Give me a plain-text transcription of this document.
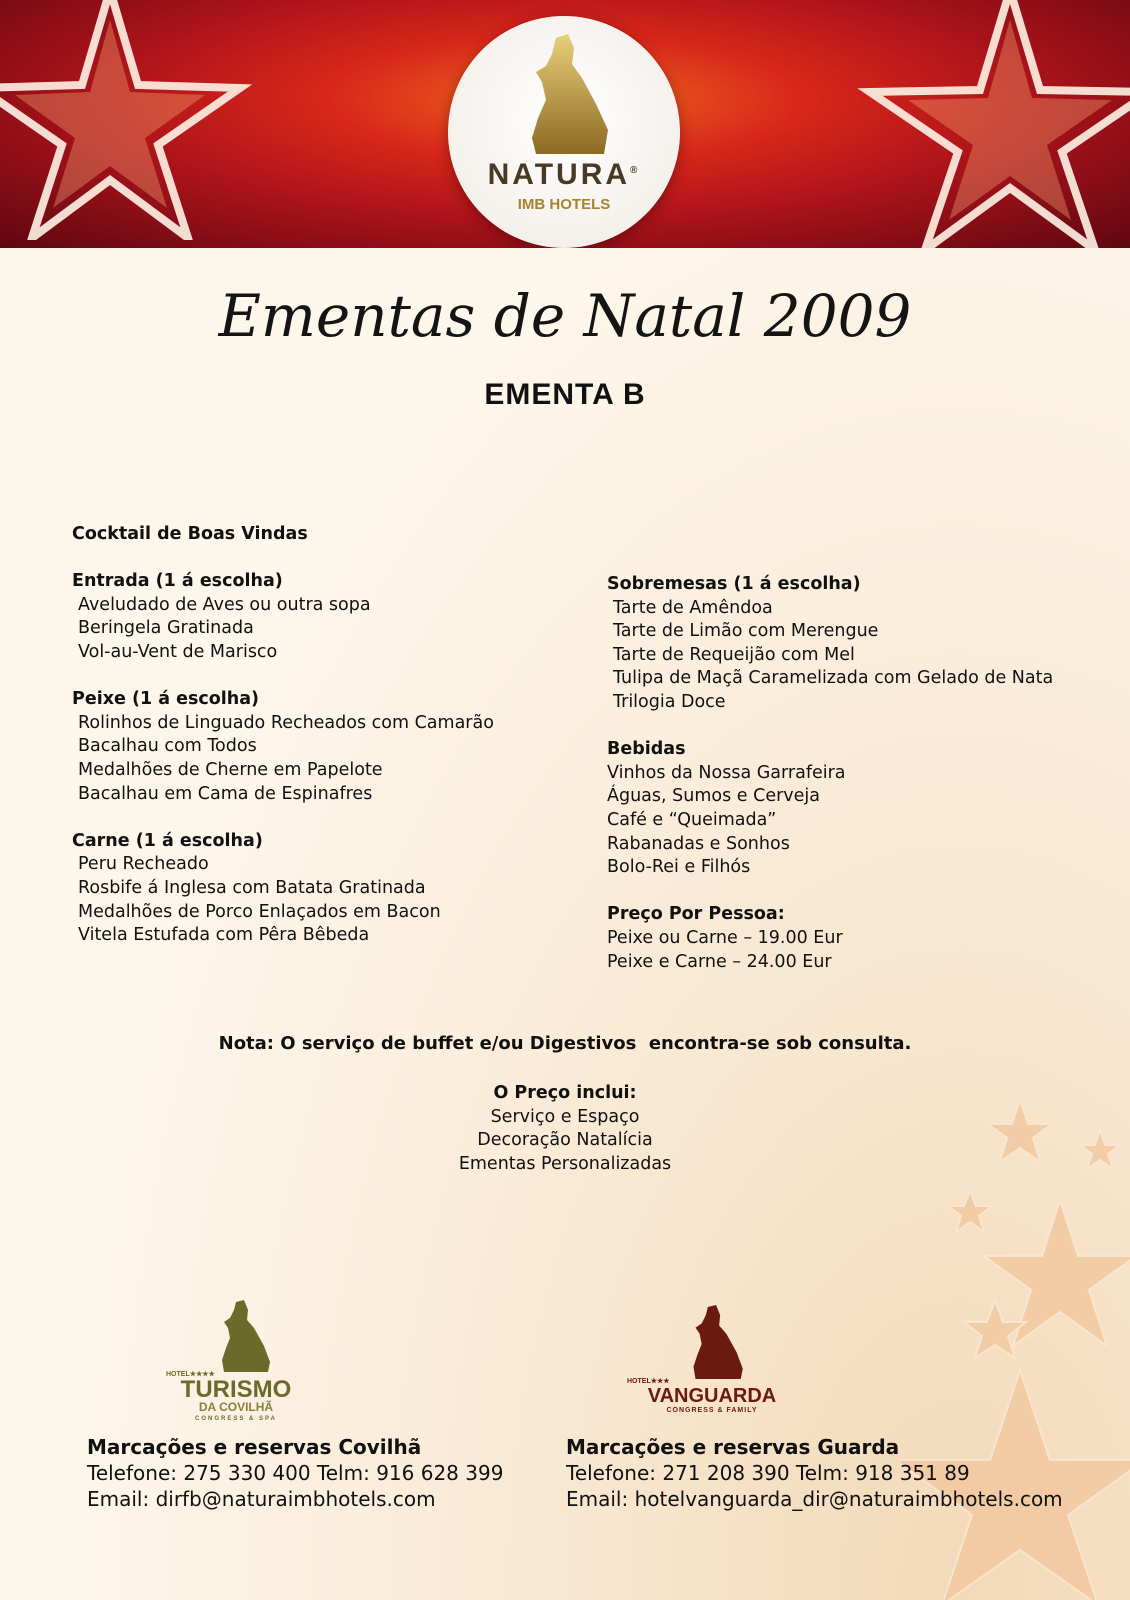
NATURA®
IMB HOTELS
Ementas de Natal 2009
EMENTA B
Cocktail de Boas Vindas
Entrada (1 á escolha)
Aveludado de Aves ou outra sopa
Beringela Gratinada
Vol-au-Vent de Marisco
Peixe (1 á escolha)
Rolinhos de Linguado Recheados com Camarão
Bacalhau com Todos
Medalhões de Cherne em Papelote
Bacalhau em Cama de Espinafres
Carne (1 á escolha)
Peru Recheado
Rosbife á Inglesa com Batata Gratinada
Medalhões de Porco Enlaçados em Bacon
Vitela Estufada com Pêra Bêbeda
Sobremesas (1 á escolha)
Tarte de Amêndoa
Tarte de Limão com Merengue
Tarte de Requeijão com Mel
Tulipa de Maçã Caramelizada com Gelado de Nata
Trilogia Doce
Bebidas
Vinhos da Nossa Garrafeira
Águas, Sumos e Cerveja
Café e “Queimada”
Rabanadas e Sonhos
Bolo-Rei e Filhós
Preço Por Pessoa:
Peixe ou Carne – 19.00 Eur
Peixe e Carne – 24.00 Eur
Nota: O serviço de buffet e/ou Digestivos  encontra-se sob consulta.
O Preço inclui:
Serviço e Espaço
Decoração Natalícia
Ementas Personalizadas
HOTEL★★★★
TURISMO
DA COVILHÃ
CONGRESS & SPA
HOTEL★★★
VANGUARDA
CONGRESS & FAMILY
Marcações e reservas Covilhã
Telefone: 275 330 400 Telm: 916 628 399
Email: dirfb@naturaimbhotels.com
Marcações e reservas Guarda
Telefone: 271 208 390 Telm: 918 351 89
Email: hotelvanguarda_dir@naturaimbhotels.com
